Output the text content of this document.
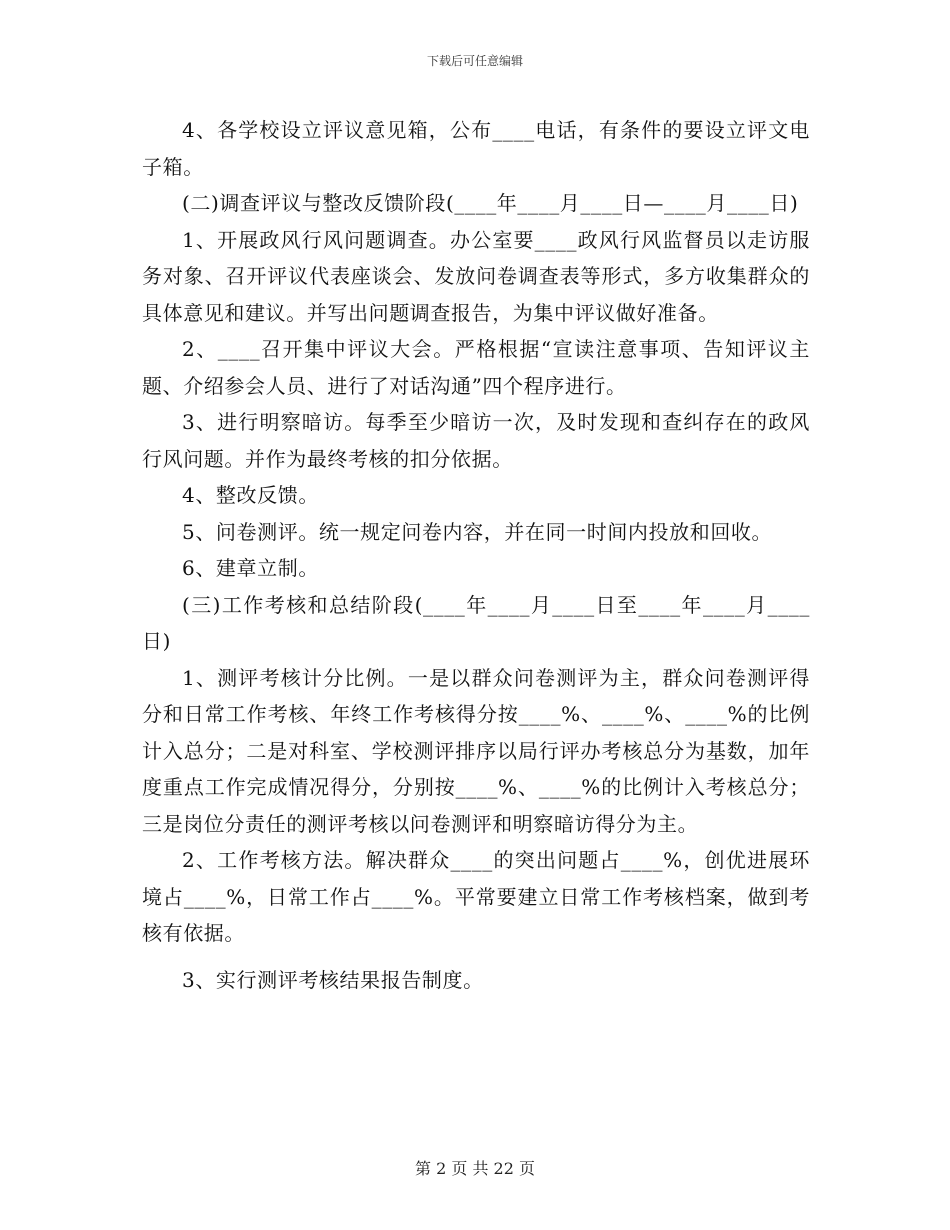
下载后可任意编辑

4、各学校设立评议意见箱，公布____电话，有条件的要设立评文电子箱。

(二)调查评议与整改反馈阶段(____年____月____日—____月____日)

1、开展政风行风问题调查。办公室要____政风行风监督员以走访服务对象、召开评议代表座谈会、发放问卷调查表等形式，多方收集群众的具体意见和建议。并写出问题调查报告，为集中评议做好准备。

2、____召开集中评议大会。严格根据“宣读注意事项、告知评议主题、介绍参会人员、进行了对话沟通”四个程序进行。

3、进行明察暗访。每季至少暗访一次，及时发现和查纠存在的政风行风问题。并作为最终考核的扣分依据。

4、整改反馈。

5、问卷测评。统一规定问卷内容，并在同一时间内投放和回收。

6、建章立制。

(三)工作考核和总结阶段(____年____月____日至____年____月____日)

1、测评考核计分比例。一是以群众问卷测评为主，群众问卷测评得分和日常工作考核、年终工作考核得分按____%、____%、____%的比例计入总分；二是对科室、学校测评排序以局行评办考核总分为基数，加年度重点工作完成情况得分，分别按____%、____%的比例计入考核总分；三是岗位分责任的测评考核以问卷测评和明察暗访得分为主。

2、工作考核方法。解决群众____的突出问题占____%，创优进展环境占____%，日常工作占____%。平常要建立日常工作考核档案，做到考核有依据。

3、实行测评考核结果报告制度。

第 2 页 共 22 页
